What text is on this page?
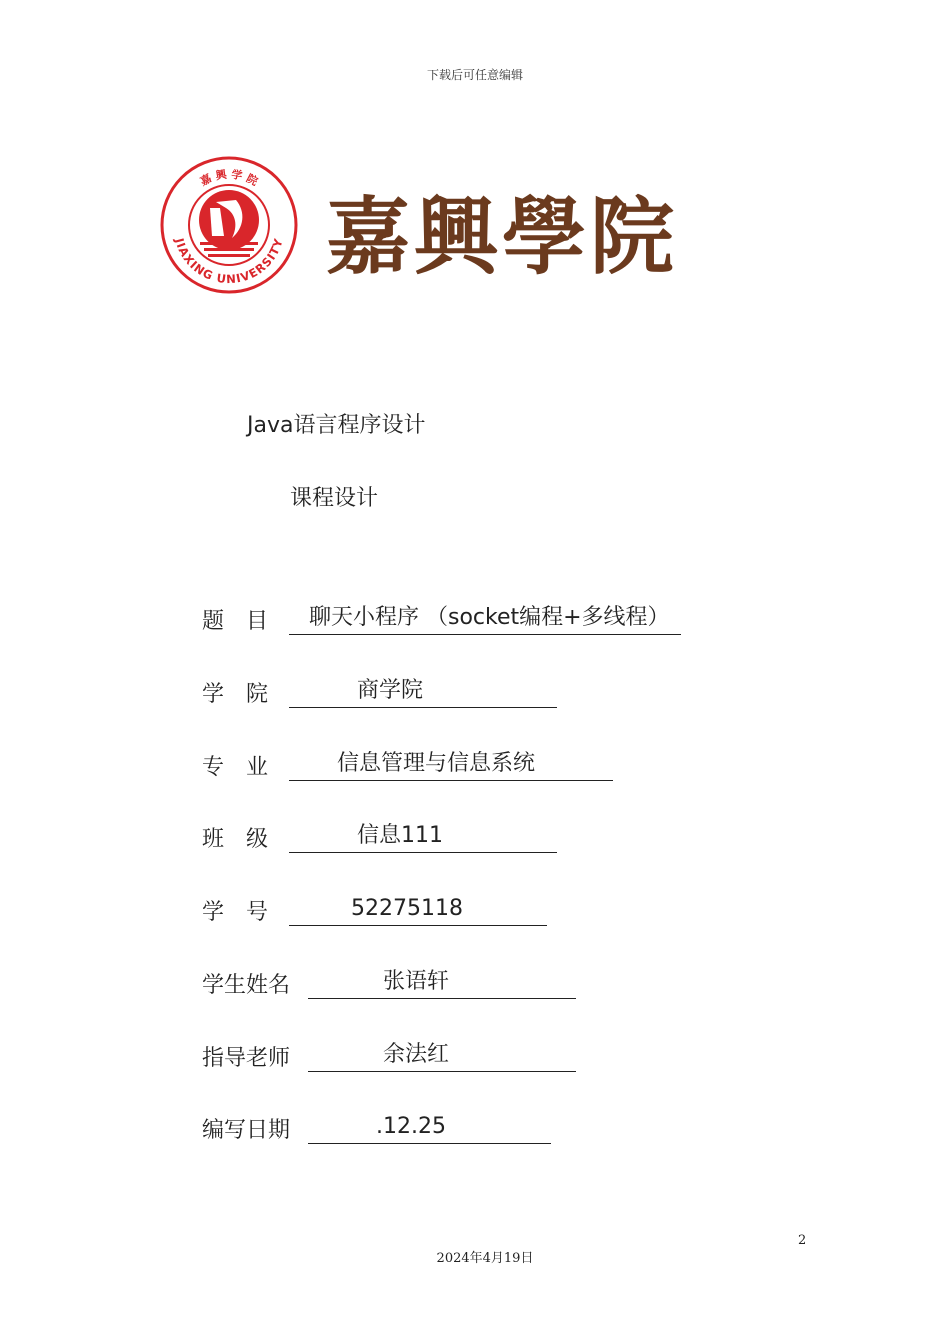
下载后可任意编辑
嘉 興 学 院
JIAXING UNIVERSITY 嘉興學院
Java语言程序设计
课程设计
题　目 聊天小程序 （socket编程+多线程）
学　院	商学院
专　业	信息管理与信息系统
班　级	信息111
学　号	52275118
学生姓名	张语轩
指导老师	余法红
编写日期	.12.25
2
2024年4月19日
